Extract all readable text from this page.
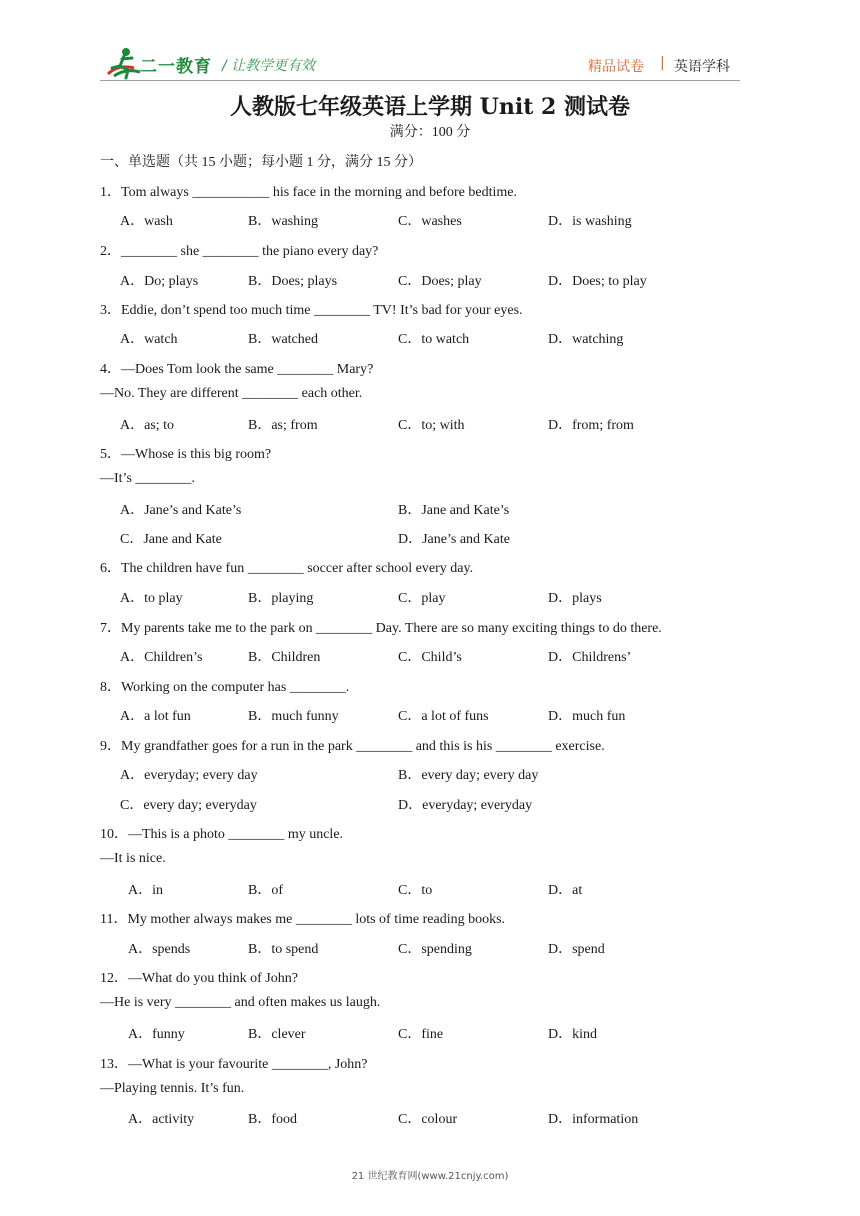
二一教育 / 让教学更有效	精品试卷 | 英语学科
人教版七年级英语上学期 Unit 2 测试卷
满分：100 分
一、单选题（共 15 小题；每小题 1 分，满分 15 分）
1．Tom always ___________ his face in the morning and before bedtime.
A．wash	B．washing	C．washes	D．is washing
2．________ she ________ the piano every day?
A．Do; plays	B．Does; plays	C．Does; play	D．Does; to play
3．Eddie, don’t spend too much time ________ TV! It’s bad for your eyes.
A．watch	B．watched	C．to watch	D．watching
4．—Does Tom look the same ________ Mary?
—No. They are different ________ each other.
A．as; to	B．as; from	C．to; with	D．from; from
5．—Whose is this big room?
—It’s ________.
A．Jane’s and Kate’s	B．Jane and Kate’s
C．Jane and Kate	D．Jane’s and Kate
6．The children have fun ________ soccer after school every day.
A．to play	B．playing	C．play	D．plays
7．My parents take me to the park on ________ Day. There are so many exciting things to do there.
A．Children’s	B．Children	C．Child’s	D．Childrens’
8．Working on the computer has ________.
A．a lot fun	B．much funny	C．a lot of funs	D．much fun
9．My grandfather goes for a run in the park ________ and this is his ________ exercise.
A．everyday; every day	B．every day; every day
C．every day; everyday	D．everyday; everyday
10．—This is a photo ________ my uncle.
—It is nice.
A．in	B．of	C．to	D．at
11．My mother always makes me ________ lots of time reading books.
A．spends	B．to spend	C．spending	D．spend
12．—What do you think of John?
—He is very ________ and often makes us laugh.
A．funny	B．clever	C．fine	D．kind
13．—What is your favourite ________, John?
—Playing tennis. It’s fun.
A．activity	B．food	C．colour	D．information
21 世纪教育网(www.21cnjy.com)
